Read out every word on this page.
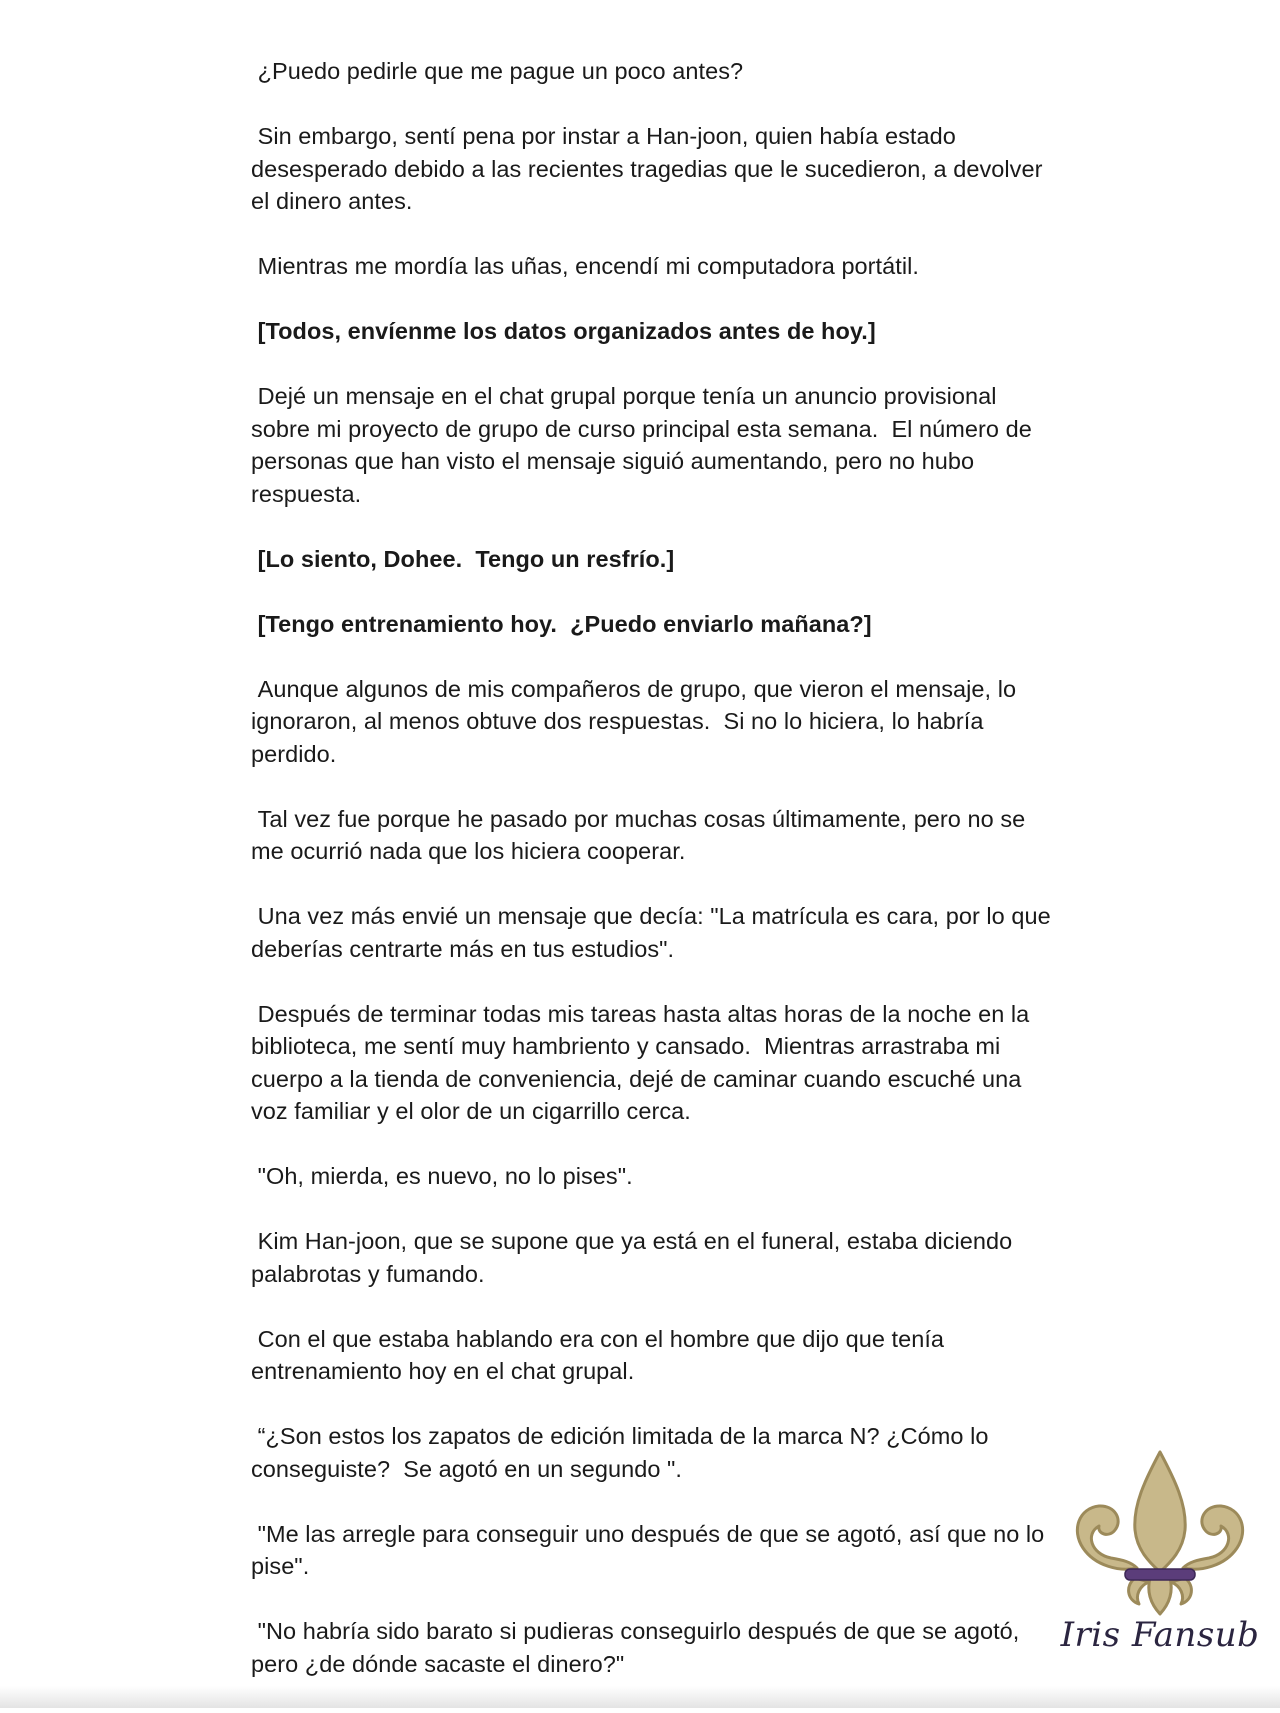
¿Puedo pedirle que me pague un poco antes?

Sin embargo, sentí pena por instar a Han-joon, quien había estado desesperado debido a las recientes tragedias que le sucedieron, a devolver el dinero antes.

Mientras me mordía las uñas, encendí mi computadora portátil.

[Todos, envíenme los datos organizados antes de hoy.]

Dejé un mensaje en el chat grupal porque tenía un anuncio provisional sobre mi proyecto de grupo de curso principal esta semana.  El número de personas que han visto el mensaje siguió aumentando, pero no hubo respuesta.

[Lo siento, Dohee.  Tengo un resfrío.]

[Tengo entrenamiento hoy.  ¿Puedo enviarlo mañana?]

Aunque algunos de mis compañeros de grupo, que vieron el mensaje, lo ignoraron, al menos obtuve dos respuestas.  Si no lo hiciera, lo habría perdido.

Tal vez fue porque he pasado por muchas cosas últimamente, pero no se me ocurrió nada que los hiciera cooperar.

Una vez más envié un mensaje que decía: "La matrícula es cara, por lo que deberías centrarte más en tus estudios".

Después de terminar todas mis tareas hasta altas horas de la noche en la biblioteca, me sentí muy hambriento y cansado.  Mientras arrastraba mi cuerpo a la tienda de conveniencia, dejé de caminar cuando escuché una voz familiar y el olor de un cigarrillo cerca.

"Oh, mierda, es nuevo, no lo pises".

Kim Han-joon, que se supone que ya está en el funeral, estaba diciendo palabrotas y fumando.

Con el que estaba hablando era con el hombre que dijo que tenía entrenamiento hoy en el chat grupal.

“¿Son estos los zapatos de edición limitada de la marca N? ¿Cómo lo conseguiste?  Se agotó en un segundo ".

"Me las arregle para conseguir uno después de que se agotó, así que no lo pise".

"No habría sido barato si pudieras conseguirlo después de que se agotó, pero ¿de dónde sacaste el dinero?"

Iris Fansub
